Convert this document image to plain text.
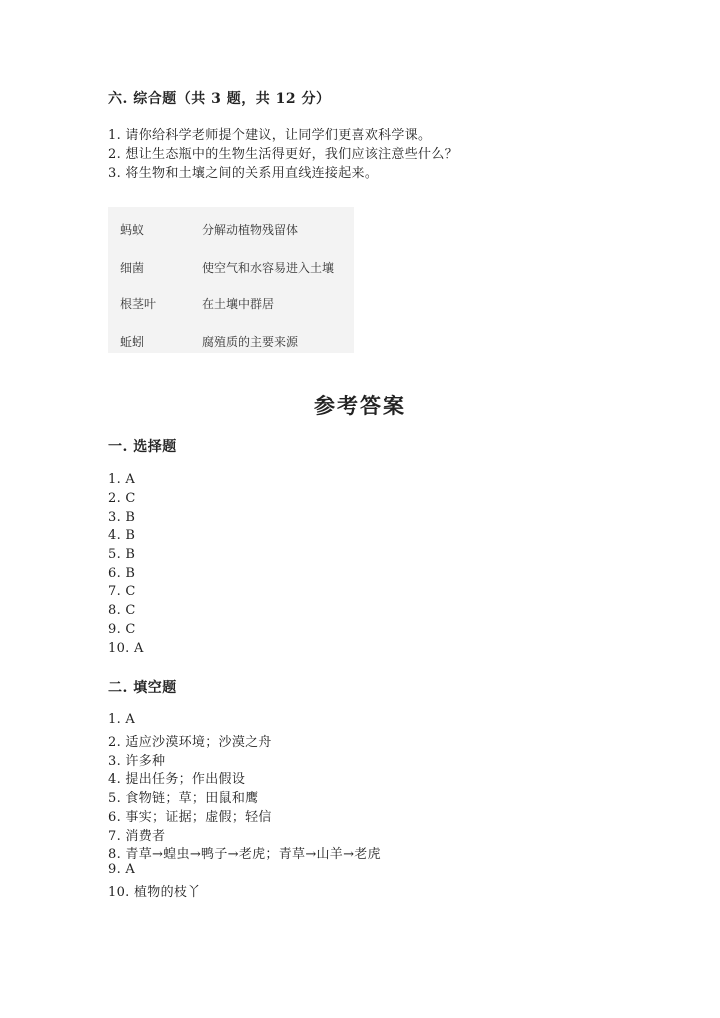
六. 综合题（共 3 题，共 12 分）
1. 请你给科学老师提个建议，让同学们更喜欢科学课。
2. 想让生态瓶中的生物生活得更好，我们应该注意些什么？
3. 将生物和土壤之间的关系用直线连接起来。
蚂蚁	分解动植物残留体
细菌	使空气和水容易进入土壤
根茎叶	在土壤中群居
蚯蚓	腐殖质的主要来源
参考答案
一. 选择题
1. A
2. C
3. B
4. B
5. B
6. B
7. C
8. C
9. C
10. A
二. 填空题
1. A
2. 适应沙漠环境；沙漠之舟
3. 许多种
4. 提出任务；作出假设
5. 食物链；草；田鼠和鹰
6. 事实；证据；虚假；轻信
7. 消费者
8. 青草→蝗虫→鸭子→老虎；青草→山羊→老虎
9. A
10. 植物的枝丫
